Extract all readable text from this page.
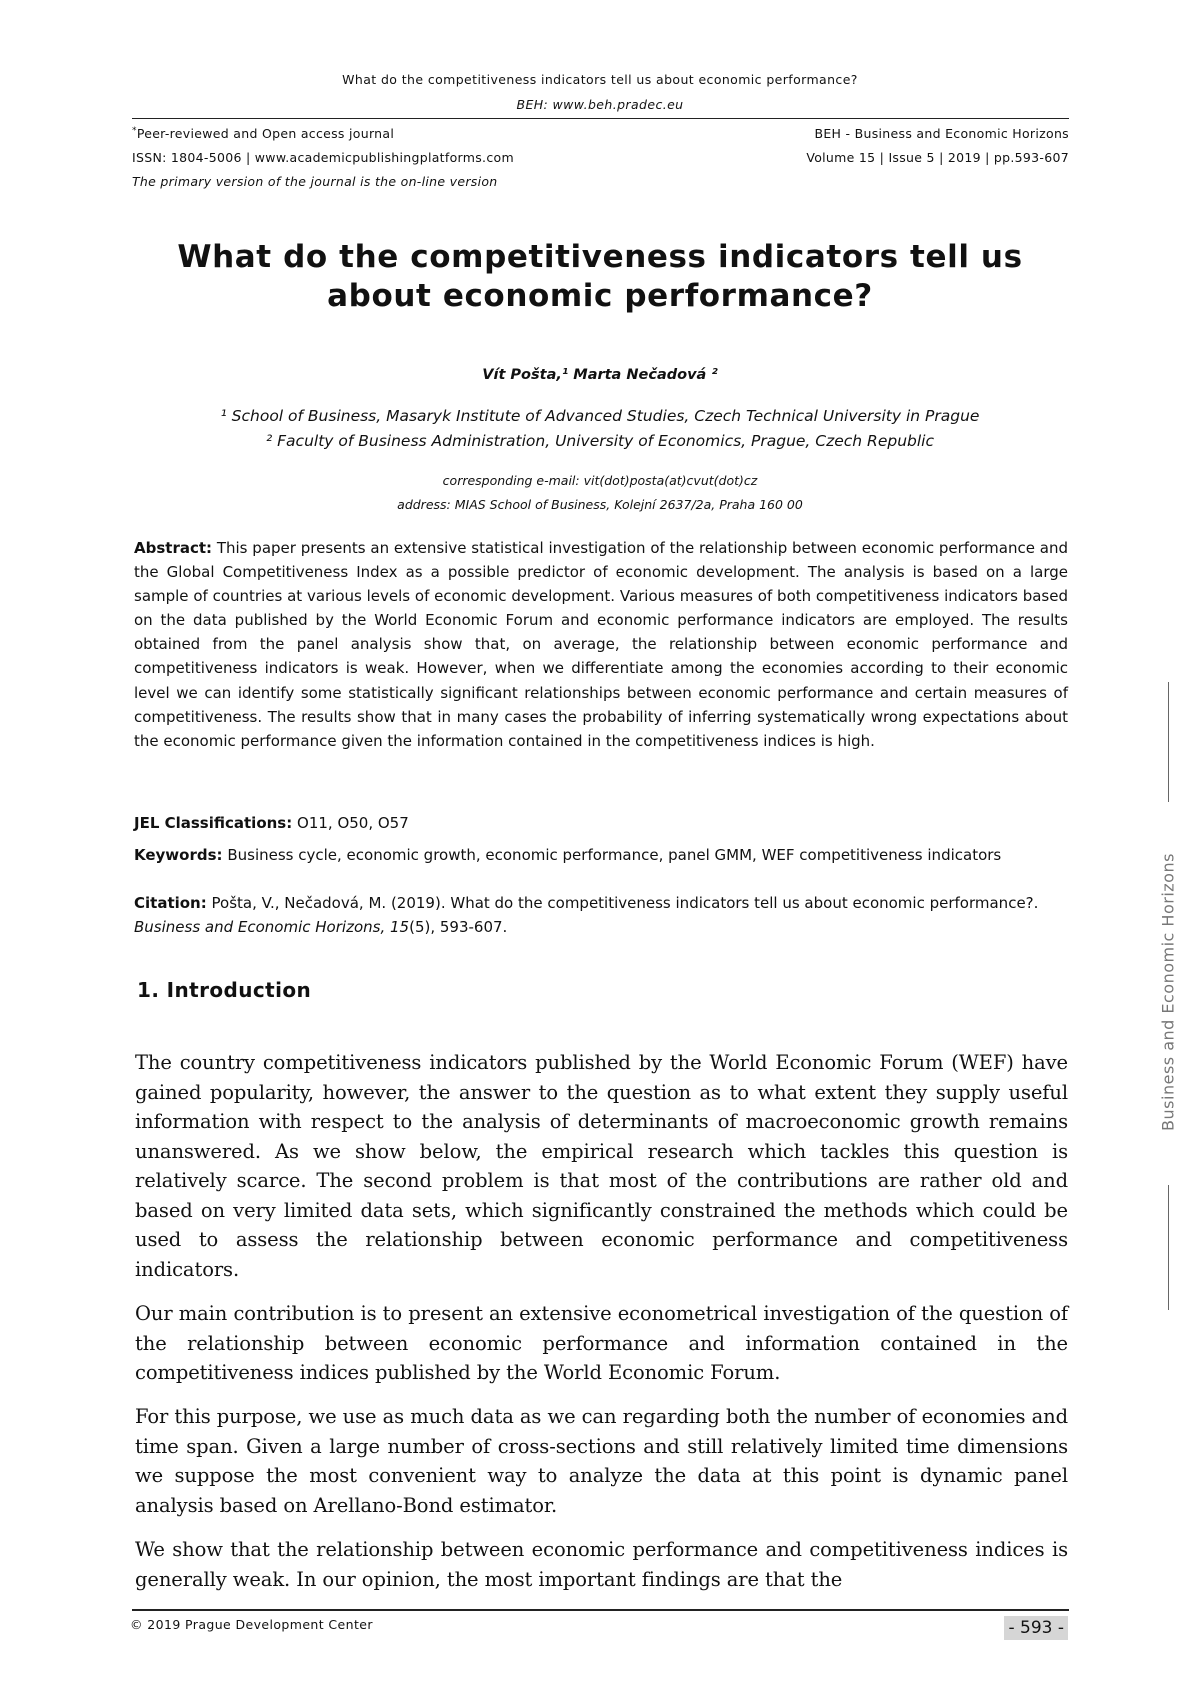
What do the competitiveness indicators tell us about economic performance?
BEH: www.beh.pradec.eu
*Peer-reviewed and Open access journal	BEH - Business and Economic Horizons
ISSN: 1804-5006 | www.academicpublishingplatforms.com	Volume 15 | Issue 5 | 2019 | pp.593-607
The primary version of the journal is the on-line version
What do the competitiveness indicators tell us
about economic performance?
Vít Pošta,¹ Marta Nečadová ²
¹ School of Business, Masaryk Institute of Advanced Studies, Czech Technical University in Prague
² Faculty of Business Administration, University of Economics, Prague, Czech Republic
corresponding e-mail: vit(dot)posta(at)cvut(dot)cz
address: MIAS School of Business, Kolejní 2637/2a, Praha 160 00

Abstract: This paper presents an extensive statistical investigation of the relationship between economic performance and the Global Competitiveness Index as a possible predictor of economic development. The analysis is based on a large sample of countries at various levels of economic development. Various measures of both competitiveness indicators based on the data published by the World Economic Forum and economic performance indicators are employed. The results obtained from the panel analysis show that, on average, the relationship between economic performance and competitiveness indicators is weak. However, when we differentiate among the economies according to their economic level we can identify some statistically significant relationships between economic performance and certain measures of competitiveness. The results show that in many cases the probability of inferring systematically wrong expectations about the economic performance given the information contained in the competitiveness indices is high.

JEL Classifications: O11, O50, O57

Keywords: Business cycle, economic growth, economic performance, panel GMM, WEF competitiveness indicators

Citation: Pošta, V., Nečadová, M. (2019). What do the competitiveness indicators tell us about economic performance?. Business and Economic Horizons, 15(5), 593-607.

1. Introduction

The country competitiveness indicators published by the World Economic Forum (WEF) have gained popularity, however, the answer to the question as to what extent they supply useful information with respect to the analysis of determinants of macroeconomic growth remains unanswered. As we show below, the empirical research which tackles this question is relatively scarce. The second problem is that most of the contributions are rather old and based on very limited data sets, which significantly constrained the methods which could be used to assess the relationship between economic performance and competitiveness indicators.

Our main contribution is to present an extensive econometrical investigation of the question of the relationship between economic performance and information contained in the competitiveness indices published by the World Economic Forum.

For this purpose, we use as much data as we can regarding both the number of economies and time span. Given a large number of cross-sections and still relatively limited time dimensions we suppose the most convenient way to analyze the data at this point is dynamic panel analysis based on Arellano-Bond estimator.

We show that the relationship between economic performance and competitiveness indices is generally weak. In our opinion, the most important findings are that the

© 2019 Prague Development Center	- 593 -
Business and Economic Horizons
